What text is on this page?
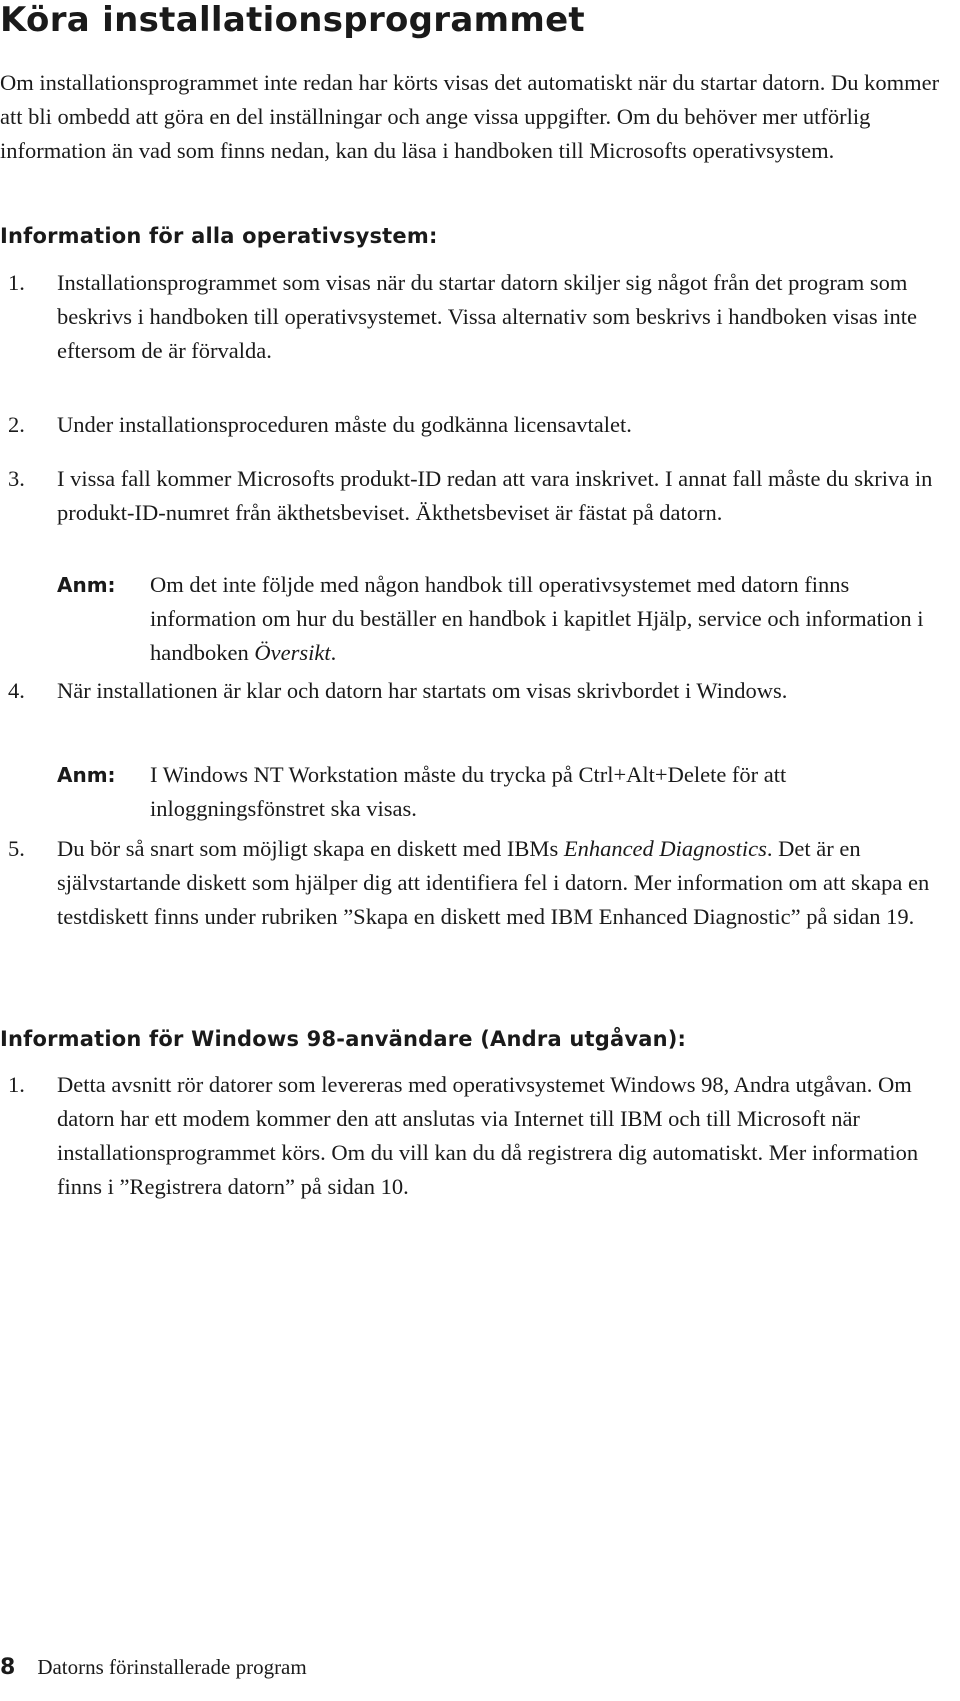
Köra installationsprogrammet

Om installationsprogrammet inte redan har körts visas det automatiskt när du startar datorn. Du kommer att bli ombedd att göra en del inställningar och ange vissa uppgifter. Om du behöver mer utförlig information än vad som finns nedan, kan du läsa i handboken till Microsofts operativsystem.

Information för alla operativsystem:
1. Installationsprogrammet som visas när du startar datorn skiljer sig något från det program som beskrivs i handboken till operativsystemet. Vissa alternativ som beskrivs i handboken visas inte eftersom de är förvalda.
2. Under installationsproceduren måste du godkänna licensavtalet.
3. I vissa fall kommer Microsofts produkt-ID redan att vara inskrivet. I annat fall måste du skriva in produkt-ID-numret från äkthetsbeviset. Äkthetsbeviset är fästat på datorn.
Anm: Om det inte följde med någon handbok till operativsystemet med datorn finns information om hur du beställer en handbok i kapitlet Hjälp, service och information i handboken Översikt.
4. När installationen är klar och datorn har startats om visas skrivbordet i Windows.
Anm: I Windows NT Workstation måste du trycka på Ctrl+Alt+Delete för att inloggningsfönstret ska visas.
5. Du bör så snart som möjligt skapa en diskett med IBMs Enhanced Diagnostics. Det är en självstartande diskett som hjälper dig att identifiera fel i datorn. Mer information om att skapa en testdiskett finns under rubriken ”Skapa en diskett med IBM Enhanced Diagnostic” på sidan 19.
Information för Windows 98-användare (Andra utgåvan):
1. Detta avsnitt rör datorer som levereras med operativsystemet Windows 98, Andra utgåvan. Om datorn har ett modem kommer den att anslutas via Internet till IBM och till Microsoft när installationsprogrammet körs. Om du vill kan du då registrera dig automatiskt. Mer information finns i ”Registrera datorn” på sidan 10.
8 Datorns förinstallerade program
